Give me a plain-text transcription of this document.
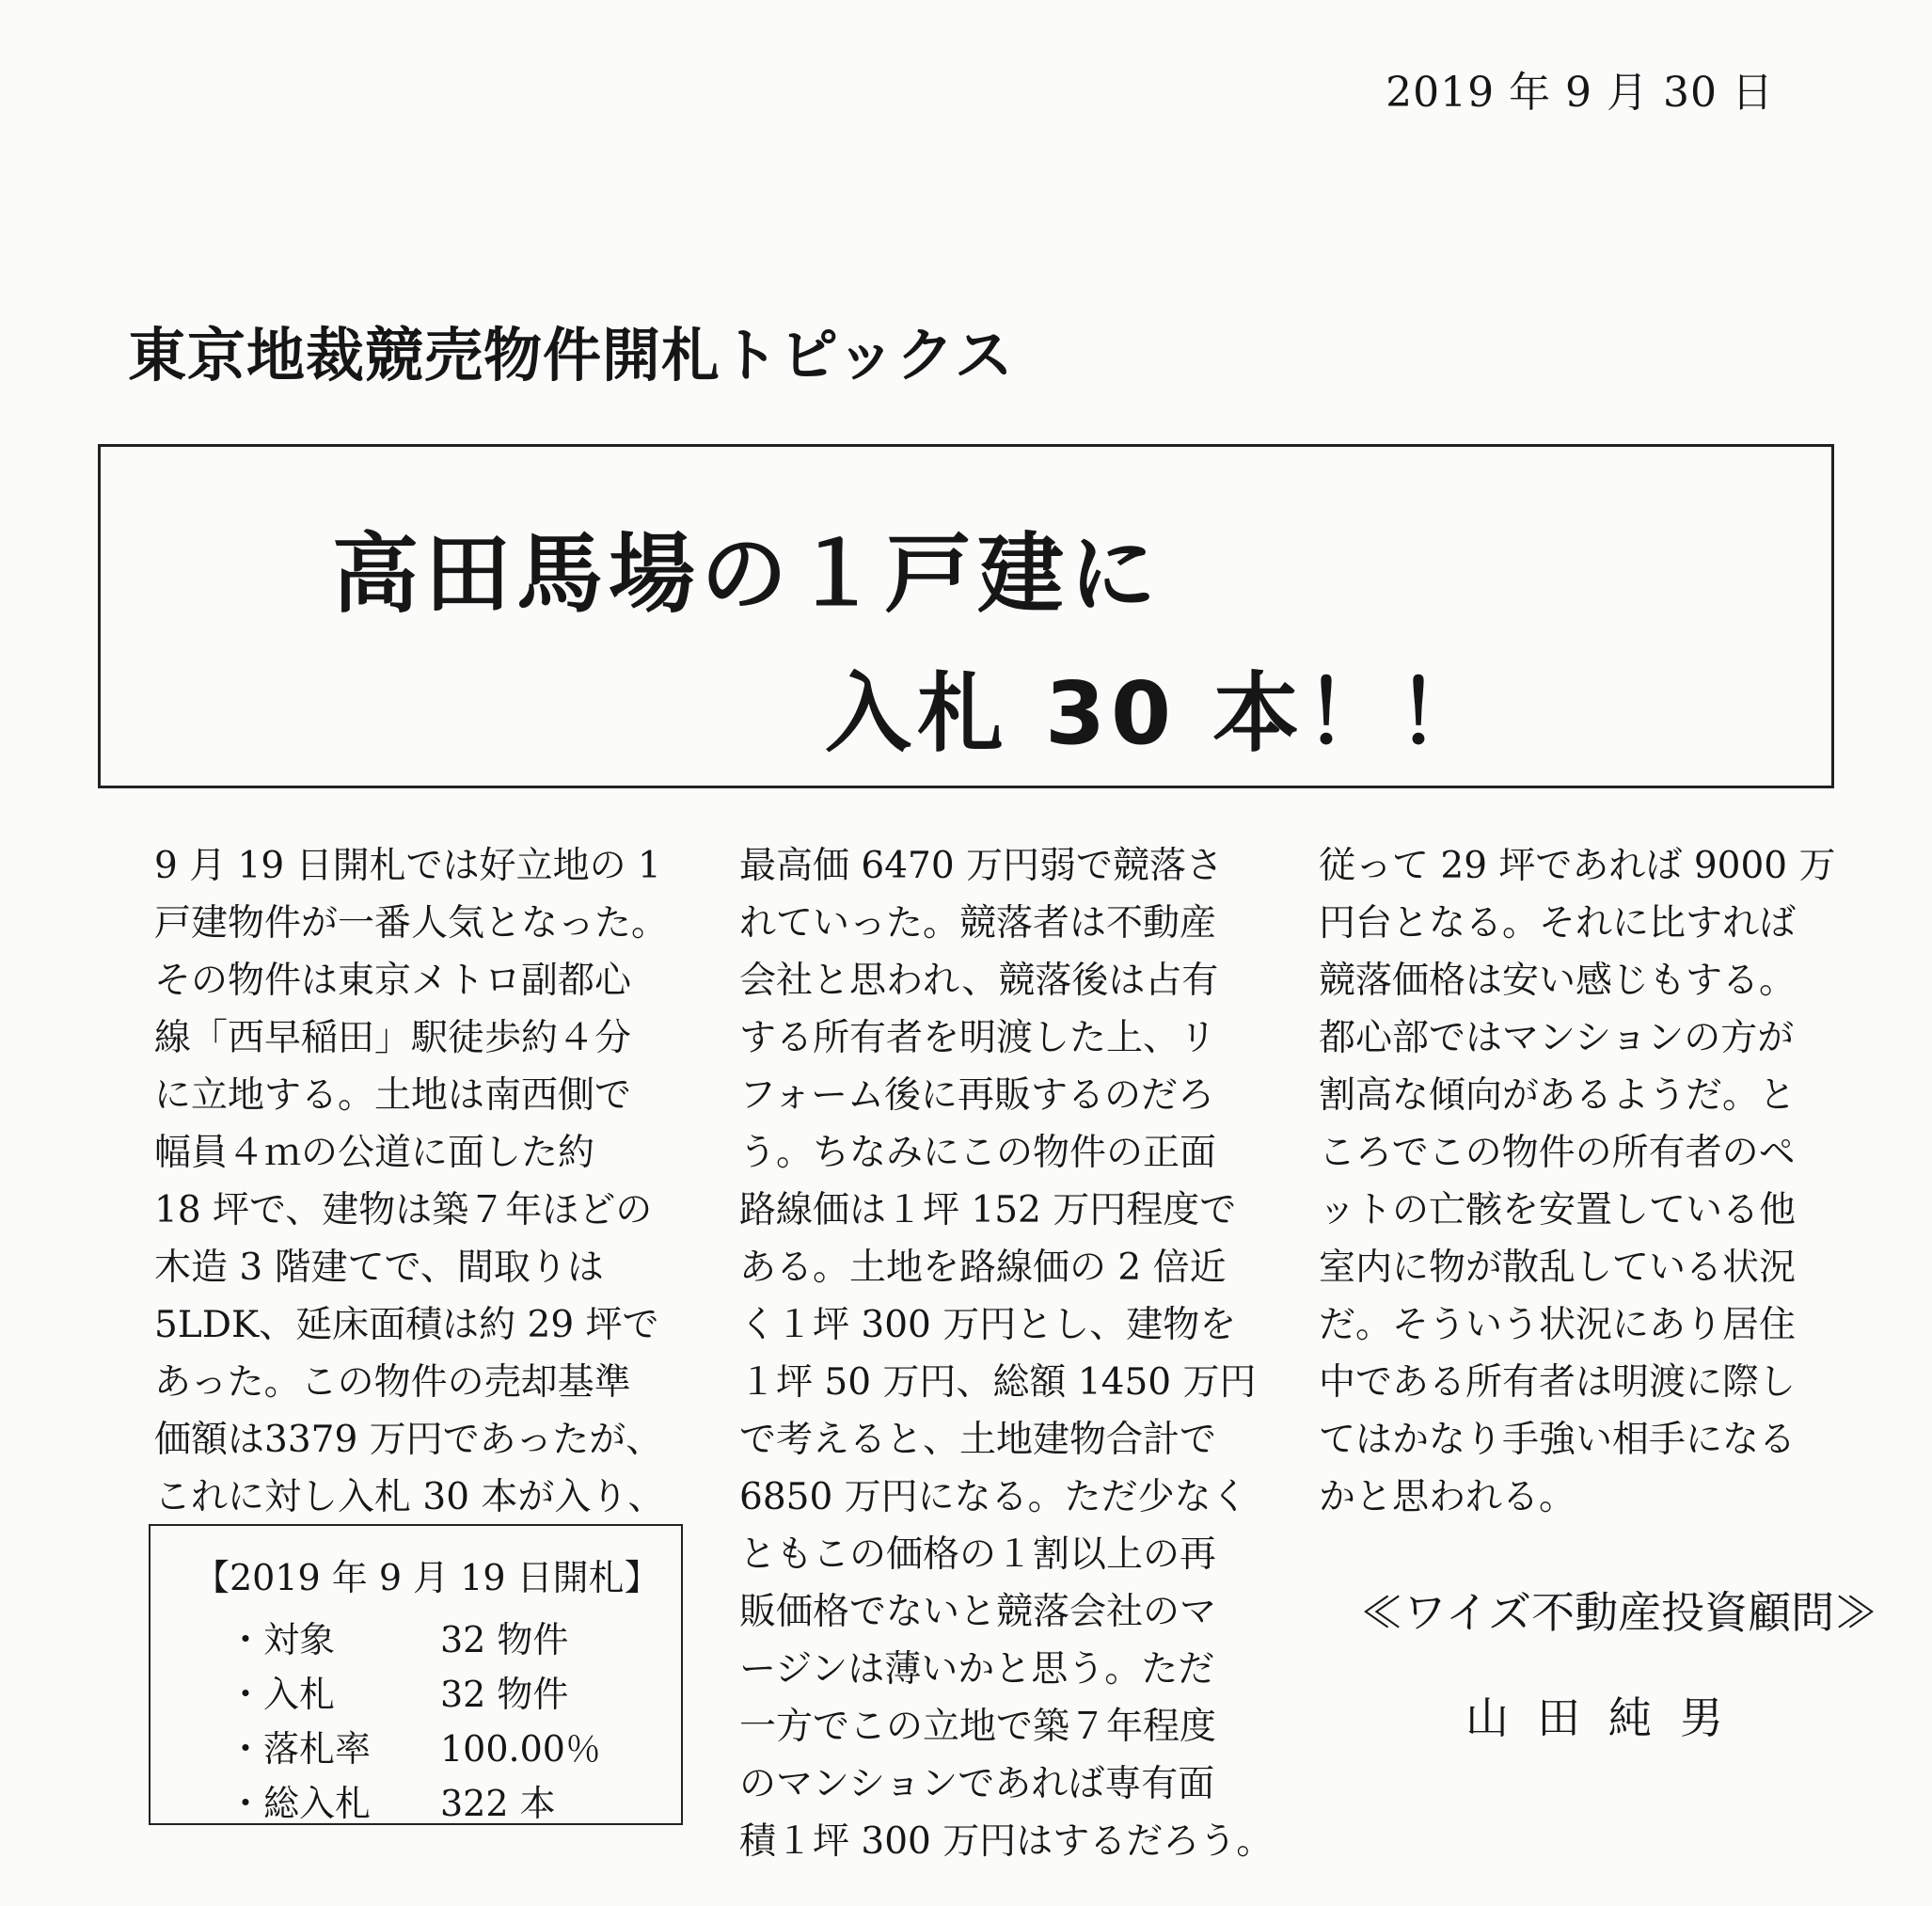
2019 年 9 月 30 日
東京地裁競売物件開札トピックス
高田馬場の１戸建に
入札 30 本！！
9 月 19 日開札では好立地の 1
戸建物件が一番人気となった。
その物件は東京メトロ副都心
線「西早稲田」駅徒歩約４分
に立地する。土地は南西側で
幅員４ｍの公道に面した約
18 坪で、建物は築７年ほどの
木造 3 階建てで、間取りは
5LDK、延床面積は約 29 坪で
あった。この物件の売却基準
価額は3379 万円であったが、
これに対し入札 30 本が入り、
最高価 6470 万円弱で競落さ
れていった。競落者は不動産
会社と思われ、競落後は占有
する所有者を明渡した上、リ
フォーム後に再販するのだろ
う。ちなみにこの物件の正面
路線価は１坪 152 万円程度で
ある。土地を路線価の 2 倍近
く１坪 300 万円とし、建物を
１坪 50 万円、総額 1450 万円
で考えると、土地建物合計で
6850 万円になる。ただ少なく
ともこの価格の１割以上の再
販価格でないと競落会社のマ
ージンは薄いかと思う。ただ
一方でこの立地で築７年程度
のマンションであれば専有面
積１坪 300 万円はするだろう。
従って 29 坪であれば 9000 万
円台となる。それに比すれば
競落価格は安い感じもする。
都心部ではマンションの方が
割高な傾向があるようだ。と
ころでこの物件の所有者のペ
ットの亡骸を安置している他
室内に物が散乱している状況
だ。そういう状況にあり居住
中である所有者は明渡に際し
てはかなり手強い相手になる
かと思われる。
【2019 年 9 月 19 日開札】
・対象	32 物件
・入札	32 物件
・落札率 100.00％
・総入札 322 本
≪ワイズ不動産投資顧問≫
山田純男
